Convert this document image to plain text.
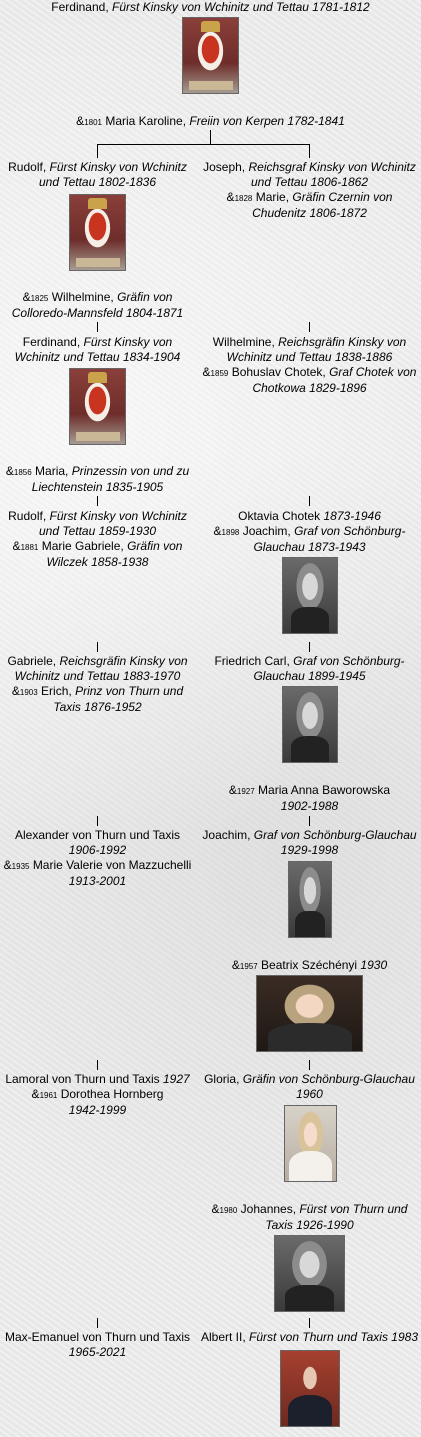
Ferdinand, Fürst Kinsky von Wchinitz und Tettau 1781-1812
&1801 Maria Karoline, Freiin von Kerpen 1782-1841
Rudolf, Fürst Kinsky von Wchinitz und Tettau 1802-1836
Joseph, Reichsgraf Kinsky von Wchinitz und Tettau 1806-1862
&1828 Marie, Gräfin Czernin von Chudenitz 1806-1872
&1825 Wilhelmine, Gräfin von Colloredo-Mannsfeld 1804-1871
Ferdinand, Fürst Kinsky von Wchinitz und Tettau 1834-1904
Wilhelmine, Reichsgräfin Kinsky von Wchinitz und Tettau 1838-1886
&1859 Bohuslav Chotek, Graf Chotek von Chotkowa 1829-1896
&1856 Maria, Prinzessin von und zu Liechtenstein 1835-1905
Rudolf, Fürst Kinsky von Wchinitz und Tettau 1859-1930
&1881 Marie Gabriele, Gräfin von Wilczek 1858-1938
Oktavia Chotek 1873-1946
&1898 Joachim, Graf von Schönburg-Glauchau 1873-1943
Gabriele, Reichsgräfin Kinsky von Wchinitz und Tettau 1883-1970
&1903 Erich, Prinz von Thurn und Taxis 1876-1952
Friedrich Carl, Graf von Schönburg-Glauchau 1899-1945
&1927 Maria Anna Baworowska
1902-1988
Alexander von Thurn und Taxis
1906-1992
&1935 Marie Valerie von Mazzuchelli
1913-2001
Joachim, Graf von Schönburg-Glauchau 1929-1998
&1957 Beatrix Széchényi 1930
Lamoral von Thurn und Taxis 1927
&1961 Dorothea Hornberg
1942-1999
Gloria, Gräfin von Schönburg-Glauchau 1960
&1980 Johannes, Fürst von Thurn und Taxis 1926-1990
Max-Emanuel von Thurn und Taxis
1965-2021
Albert II, Fürst von Thurn und Taxis 1983
